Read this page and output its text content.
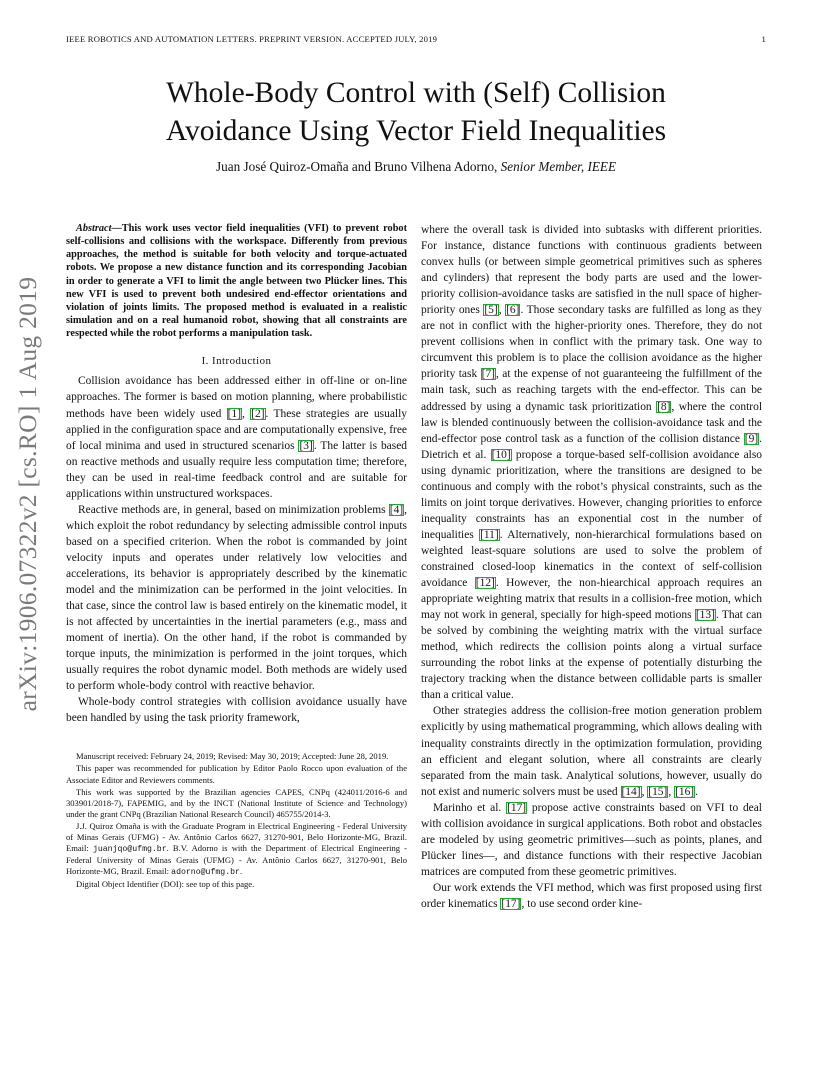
IEEE ROBOTICS AND AUTOMATION LETTERS. PREPRINT VERSION. ACCEPTED JULY, 2019	1
arXiv:1906.07322v2 [cs.RO] 1 Aug 2019
Whole-Body Control with (Self) Collision
Avoidance Using Vector Field Inequalities
Juan José Quiroz-Omaña and Bruno Vilhena Adorno, Senior Member, IEEE

Abstract—This work uses vector field inequalities (VFI) to prevent robot self-collisions and collisions with the workspace. Differently from previous approaches, the method is suitable for both velocity and torque-actuated robots. We propose a new distance function and its corresponding Jacobian in order to generate a VFI to limit the angle between two Plücker lines. This new VFI is used to prevent both undesired end-effector orientations and violation of joints limits. The proposed method is evaluated in a realistic simulation and on a real humanoid robot, showing that all constraints are respected while the robot performs a manipulation task.

I. Introduction

Collision avoidance has been addressed either in off-line or on-line approaches. The former is based on motion planning, where probabilistic methods have been widely used [1], [2]. These strategies are usually applied in the configuration space and are computationally expensive, free of local minima and used in structured scenarios [3]. The latter is based on reactive methods and usually require less computation time; therefore, they can be used in real-time feedback control and are suitable for applications within unstructured workspaces.

Reactive methods are, in general, based on minimization problems [4], which exploit the robot redundancy by selecting admissible control inputs based on a specified criterion. When the robot is commanded by joint velocity inputs and operates under relatively low velocities and accelerations, its behavior is appropriately described by the kinematic model and the minimization can be performed in the joint velocities. In that case, since the control law is based entirely on the kinematic model, it is not affected by uncertainties in the inertial parameters (e.g., mass and moment of inertia). On the other hand, if the robot is commanded by torque inputs, the minimization is performed in the joint torques, which usually requires the robot dynamic model. Both methods are widely used to perform whole-body control with reactive behavior.

Whole-body control strategies with collision avoidance usually have been handled by using the task priority framework,

Manuscript received: February 24, 2019; Revised: May 30, 2019; Accepted: June 28, 2019.

This paper was recommended for publication by Editor Paolo Rocco upon evaluation of the Associate Editor and Reviewers comments.

This work was supported by the Brazilian agencies CAPES, CNPq (424011/2016-6 and 303901/2018-7), FAPEMIG, and by the INCT (National Institute of Science and Technology) under the grant CNPq (Brazilian National Research Council) 465755/2014-3.

J.J. Quiroz Omaña is with the Graduate Program in Electrical Engineering - Federal University of Minas Gerais (UFMG) - Av. Antônio Carlos 6627, 31270-901, Belo Horizonte-MG, Brazil. Email: juanjqo@ufmg.br. B.V. Adorno is with the Department of Electrical Engineering - Federal University of Minas Gerais (UFMG) - Av. Antônio Carlos 6627, 31270-901, Belo Horizonte-MG, Brazil. Email: adorno@ufmg.br.

Digital Object Identifier (DOI): see top of this page.

where the overall task is divided into subtasks with different priorities. For instance, distance functions with continuous gradients between convex hulls (or between simple geometrical primitives such as spheres and cylinders) that represent the body parts are used and the lower-priority collision-avoidance tasks are satisfied in the null space of higher-priority ones [5], [6]. Those secondary tasks are fulfilled as long as they are not in conflict with the higher-priority ones. Therefore, they do not prevent collisions when in conflict with the primary task. One way to circumvent this problem is to place the collision avoidance as the higher priority task [7], at the expense of not guaranteeing the fulfillment of the main task, such as reaching targets with the end-effector. This can be addressed by using a dynamic task prioritization [8], where the control law is blended continuously between the collision-avoidance task and the end-effector pose control task as a function of the collision distance [9]. Dietrich et al. [10] propose a torque-based self-collision avoidance also using dynamic prioritization, where the transitions are designed to be continuous and comply with the robot’s physical constraints, such as the limits on joint torque derivatives. However, changing priorities to enforce inequality constraints has an exponential cost in the number of inequalities [11]. Alternatively, non-hierarchical formulations based on weighted least-square solutions are used to solve the problem of constrained closed-loop kinematics in the context of self-collision avoidance [12]. However, the non-hiearchical approach requires an appropriate weighting matrix that results in a collision-free motion, which may not work in general, specially for high-speed motions [13]. That can be solved by combining the weighting matrix with the virtual surface method, which redirects the collision points along a virtual surface surrounding the robot links at the expense of potentially disturbing the trajectory tracking when the distance between collidable parts is smaller than a critical value.

Other strategies address the collision-free motion generation problem explicitly by using mathematical programming, which allows dealing with inequality constraints directly in the optimization formulation, providing an efficient and elegant solution, where all constraints are clearly separated from the main task. Analytical solutions, however, usually do not exist and numeric solvers must be used [14], [15], [16].

Marinho et al. [17] propose active constraints based on VFI to deal with collision avoidance in surgical applications. Both robot and obstacles are modeled by using geometric primitives—such as points, planes, and Plücker lines—, and distance functions with their respective Jacobian matrices are computed from these geometric primitives.

Our work extends the VFI method, which was first proposed using first order kinematics [17], to use second order kine-
